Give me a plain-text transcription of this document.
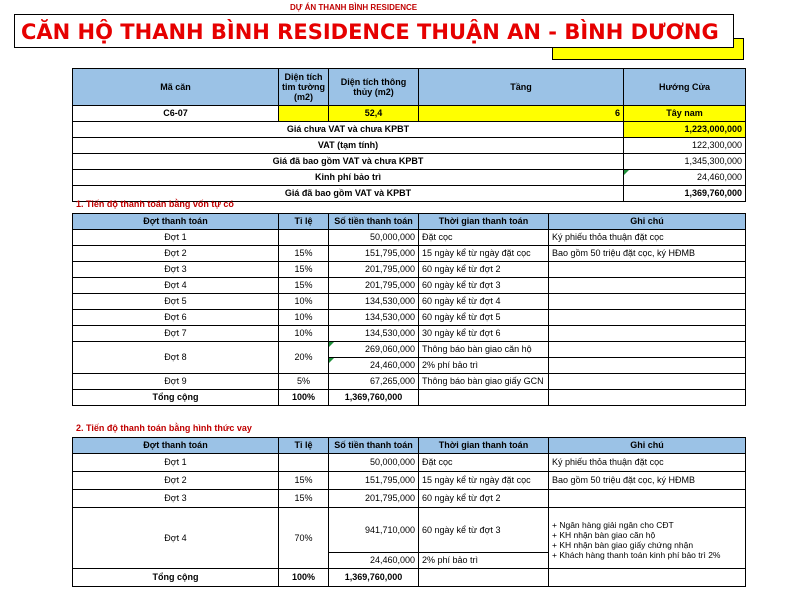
DỰ ÁN THANH BÌNH RESIDENCE
CĂN HỘ THANH BÌNH RESIDENCE THUẬN AN - BÌNH DƯƠNG
Mã căn	Diện tích tim tường (m2)	Diện tích thông thủy (m2)	Tầng	Hướng Cửa
C6-07		52,4	6	Tây nam
Giá chưa VAT và chưa KPBT				1,223,000,000
VAT (tạm tính)				122,300,000
Giá đã bao gồm VAT và chưa KPBT				1,345,300,000
Kinh phí bảo trì				24,460,000
Giá đã bao gồm VAT và KPBT				1,369,760,000
1. Tiến độ thanh toán bằng vốn tự có
Đợt thanh toán	Tỉ lệ	Số tiền thanh toán	Thời gian thanh toán	Ghi chú
Đợt 1		50,000,000	Đặt cọc	Ký phiếu thỏa thuận đặt cọc
Đợt 2	15%	151,795,000	15 ngày kể từ ngày đặt cọc	Bao gồm 50 triệu đặt cọc, ký HĐMB
Đợt 3	15%	201,795,000	60 ngày kể từ đợt 2	
Đợt 4	15%	201,795,000	60 ngày kể từ đợt 3	
Đợt 5	10%	134,530,000	60 ngày kể từ đợt 4	
Đợt 6	10%	134,530,000	60 ngày kể từ đợt 5	
Đợt 7	10%	134,530,000	30 ngày kể từ đợt 6	
Đợt 8	20%	269,060,000	Thông báo bàn giao căn hộ	
		24,460,000	2% phí bảo trì	
Đợt 9	5%	67,265,000	Thông báo bàn giao giấy GCN	
Tổng cộng	100%	1,369,760,000		
2. Tiến độ thanh toán bằng hình thức vay
Đợt thanh toán	Tỉ lệ	Số tiền thanh toán	Thời gian thanh toán	Ghi chú
Đợt 1		50,000,000	Đặt cọc	Ký phiếu thỏa thuận đặt cọc
Đợt 2	15%	151,795,000	15 ngày kể từ ngày đặt cọc	Bao gồm 50 triệu đặt cọc, ký HĐMB
Đợt 3	15%	201,795,000	60 ngày kể từ đợt 2	
Đợt 4	70%	941,710,000	60 ngày kể từ đợt 3	+ Ngân hàng giải ngân cho CĐT
+ KH nhận bàn giao căn hộ
+ KH nhận bàn giao giấy chứng nhận
+ Khách hàng thanh toán kinh phí bảo trì 2%

		24,460,000	2% phí bảo trì	
Tổng cộng	100%	1,369,760,000		
